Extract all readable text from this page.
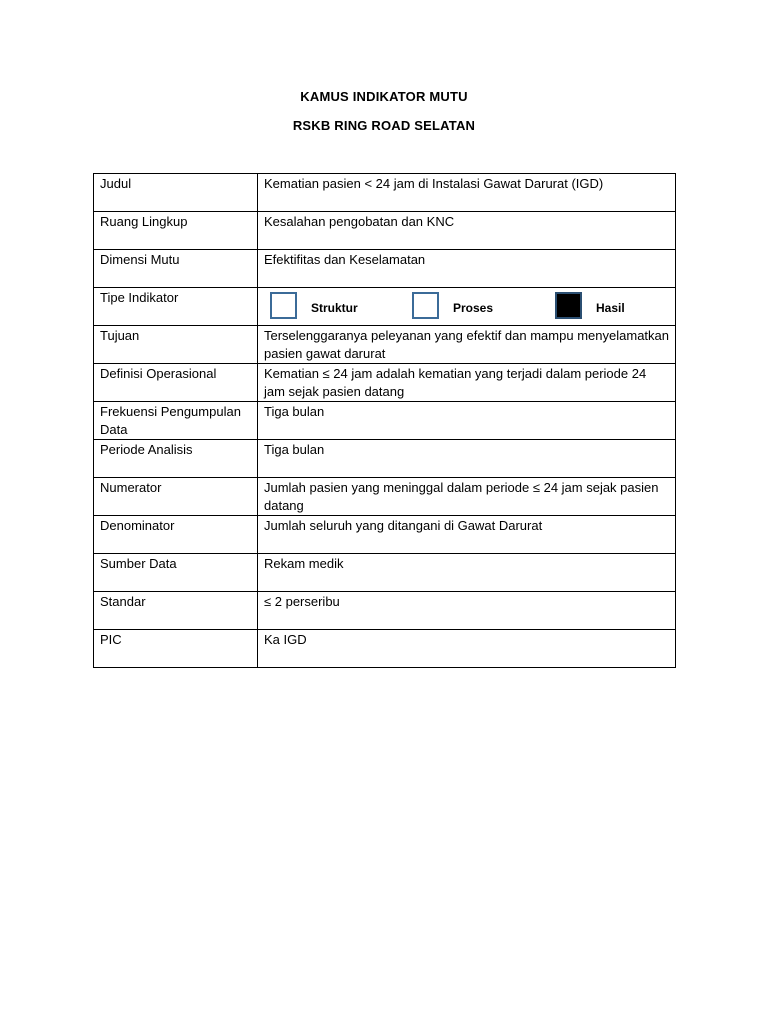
KAMUS INDIKATOR MUTU
RSKB RING ROAD SELATAN
Judul	Kematian pasien < 24 jam di Instalasi Gawat Darurat (IGD)
Ruang Lingkup	Kesalahan pengobatan dan KNC
Dimensi Mutu	Efektifitas dan Keselamatan
Tipe Indikator	Struktur Proses Hasil

Tujuan	Terselenggaranya peleyanan yang efektif dan mampu menyelamatkan pasien gawat darurat
Definisi Operasional	Kematian ≤ 24 jam adalah kematian yang terjadi dalam periode 24 jam sejak pasien datang
Frekuensi Pengumpulan Data	Tiga bulan
Periode Analisis	Tiga bulan
Numerator	Jumlah pasien yang meninggal dalam periode ≤ 24 jam sejak pasien datang
Denominator	Jumlah seluruh yang ditangani di Gawat Darurat
Sumber Data	Rekam medik
Standar	≤ 2 perseribu
PIC	Ka IGD
